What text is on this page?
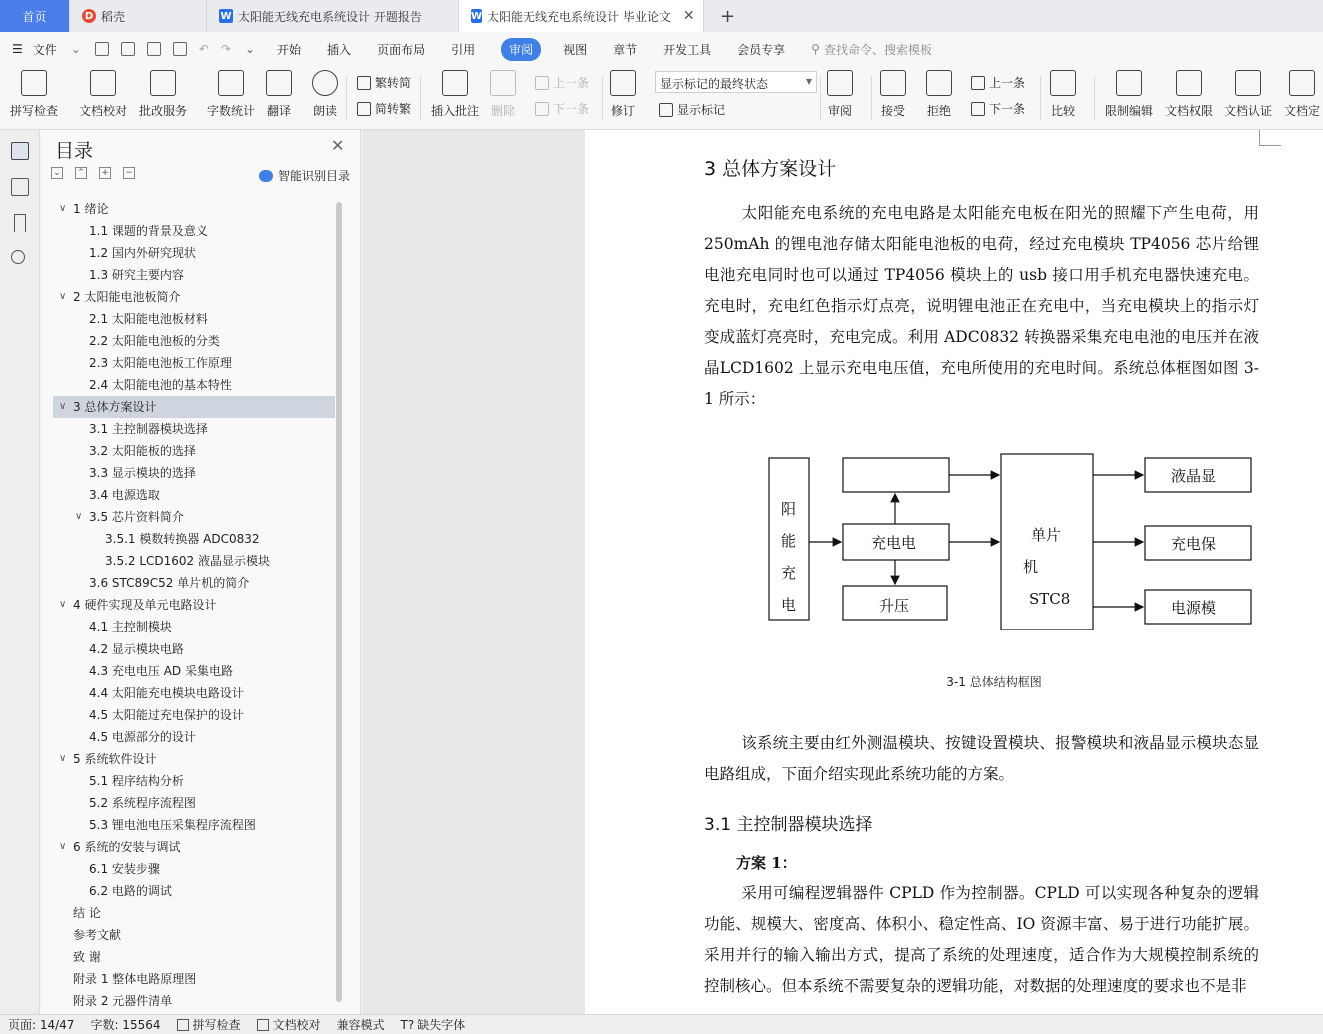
首页	D 稻壳	W 太阳能无线充电系统设计 开题报告	W 太阳能无线充电系统设计 毕业论文 ✕	+
☰ 文件 ⌄	↶ ↷ ⌄ 开始 插入 页面布局 引用	审阅	视图 章节 开发工具 会员专享 ⚲ 查找命令、搜索模板
拼写检查 文档校对 批改服务 字数统计 翻译 朗读
繁转简
简转繁 插入批注 删除
上一条
下一条 修订	显示标记	审阅 接受 拒绝
上一条
下一条 比较	限制编辑 文档权限 文档认证 文档定
显示标记的最终状态	▾
目录	✕
⌄ ⌃ + −	智能识别目录
∨ 1 绪论
1.1 课题的背景及意义
1.2 国内外研究现状
1.3 研究主要内容
∨ 2 太阳能电池板简介
2.1 太阳能电池板材料
2.2 太阳能电池板的分类
2.3 太阳能电池板工作原理
2.4 太阳能电池的基本特性
∨ 3 总体方案设计
3.1 主控制器模块选择
3.2 太阳能板的选择
3.3 显示模块的选择
3.4 电源选取
∨ 3.5 芯片资料简介
3.5.1 模数转换器 ADC0832
3.5.2 LCD1602 液晶显示模块
3.6 STC89C52 单片机的简介
∨ 4 硬件实现及单元电路设计
4.1 主控制模块
4.2 显示模块电路
4.3 充电电压 AD 采集电路
4.4 太阳能充电模块电路设计
4.5 太阳能过充电保护的设计
4.5 电源部分的设计
∨ 5 系统软件设计
5.1 程序结构分析
5.2 系统程序流程图
5.3 锂电池电压采集程序流程图
∨ 6 系统的安装与调试
6.1 安装步骤
6.2 电路的调试
结 论
参考文献
致 谢
附录 1 整体电路原理图
附录 2 元器件清单
3 总体方案设计
太阳能充电系统的充电电路是太阳能充电板在阳光的照耀下产生电荷，用250mAh 的锂电池存储太阳能电池板的电荷，经过充电模块 TP4056 芯片给锂电池充电同时也可以通过 TP4056 模块上的 usb 接口用手机充电器快速充电。充电时，充电红色指示灯点亮，说明锂电池正在充电中，当充电模块上的指示灯变成蓝灯亮亮时，充电完成。利用 ADC0832 转换器采集充电电池的电压并在液晶LCD1602 上显示充电电压值，充电所使用的充电时间。系统总体框图如图 3-1 所示：
阳
能
充
电
充电电
升压
单片
机
STC8
液晶显
充电保
电源模
3-1 总体结构框图
该系统主要由红外测温模块、按键设置模块、报警模块和液晶显示模块态显电路组成，下面介绍实现此系统功能的方案。
3.1 主控制器模块选择
方案 1：
采用可编程逻辑器件 CPLD 作为控制器。CPLD 可以实现各种复杂的逻辑功能、规模大、密度高、体积小、稳定性高、IO 资源丰富、易于进行功能扩展。采用并行的输入输出方式，提高了系统的处理速度，适合作为大规模控制系统的控制核心。但本系统不需要复杂的逻辑功能，对数据的处理速度的要求也不是非
页面: 14/47 字数: 15564	拼写检查	文档校对 兼容模式 T? 缺失字体
